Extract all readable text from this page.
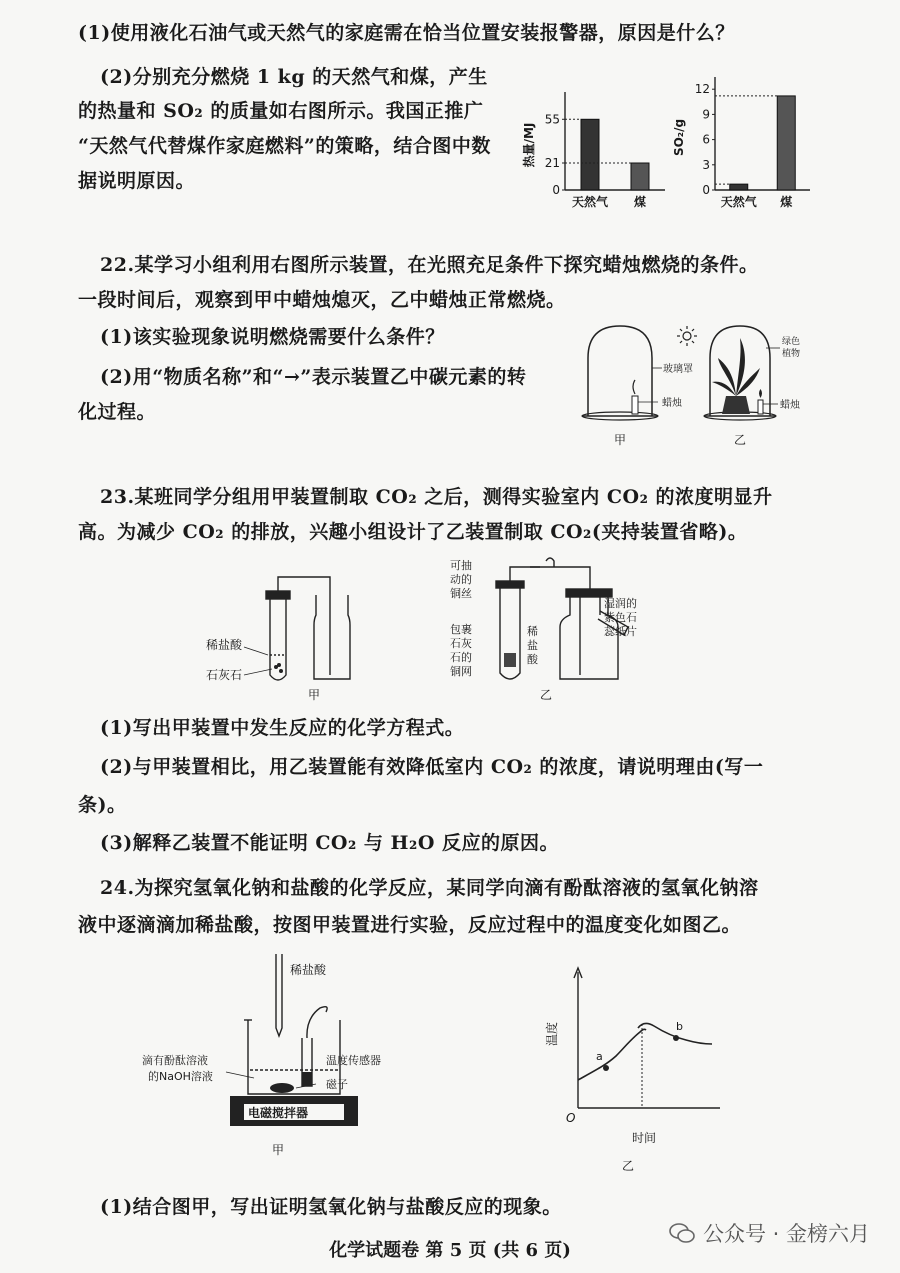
(1)使用液化石油气或天然气的家庭需在恰当位置安装报警器，原因是什么？
(2)分别充分燃烧 1 kg 的天然气和煤，产生
的热量和 SO₂ 的质量如右图所示。我国正推广
“天然气代替煤作家庭燃料”的策略，结合图中数
据说明原因。	0
21
55
天然气 煤
热量/MJ
0
3
6
9
12
天然气 煤
SO₂/g
22.某学习小组利用右图所示装置，在光照充足条件下探究蜡烛燃烧的条件。
一段时间后，观察到甲中蜡烛熄灭，乙中蜡烛正常燃烧。
(1)该实验现象说明燃烧需要什么条件？
(2)用“物质名称”和“→”表示装置乙中碳元素的转
化过程。	蜡烛
玻璃罩
蜡烛
绿色
植物
甲	乙
23.某班同学分组用甲装置制取 CO₂ 之后，测得实验室内 CO₂ 的浓度明显升
高。为减少 CO₂ 的排放，兴趣小组设计了乙装置制取 CO₂(夹持装置省略)。
稀盐酸
石灰石
甲
可抽
动的
铜丝
包裹
石灰
石的
铜网
稀
盐
酸
湿润的
紫色石
蕊纸片
乙
(1)写出甲装置中发生反应的化学方程式。
(2)与甲装置相比，用乙装置能有效降低室内 CO₂ 的浓度，请说明理由(写一
条)。
(3)解释乙装置不能证明 CO₂ 与 H₂O 反应的原因。
24.为探究氢氧化钠和盐酸的化学反应，某同学向滴有酚酞溶液的氢氧化钠溶
液中逐滴滴加稀盐酸，按图甲装置进行实验，反应过程中的温度变化如图乙。
电磁搅拌器
稀盐酸
滴有酚酞溶液
的NaOH溶液
温度传感器
磁子
甲
a
b
温度
O
时间
乙
(1)结合图甲，写出证明氢氧化钠与盐酸反应的现象。
化学试题卷 第 5 页 (共 6 页)
公众号 · 金榜六月
